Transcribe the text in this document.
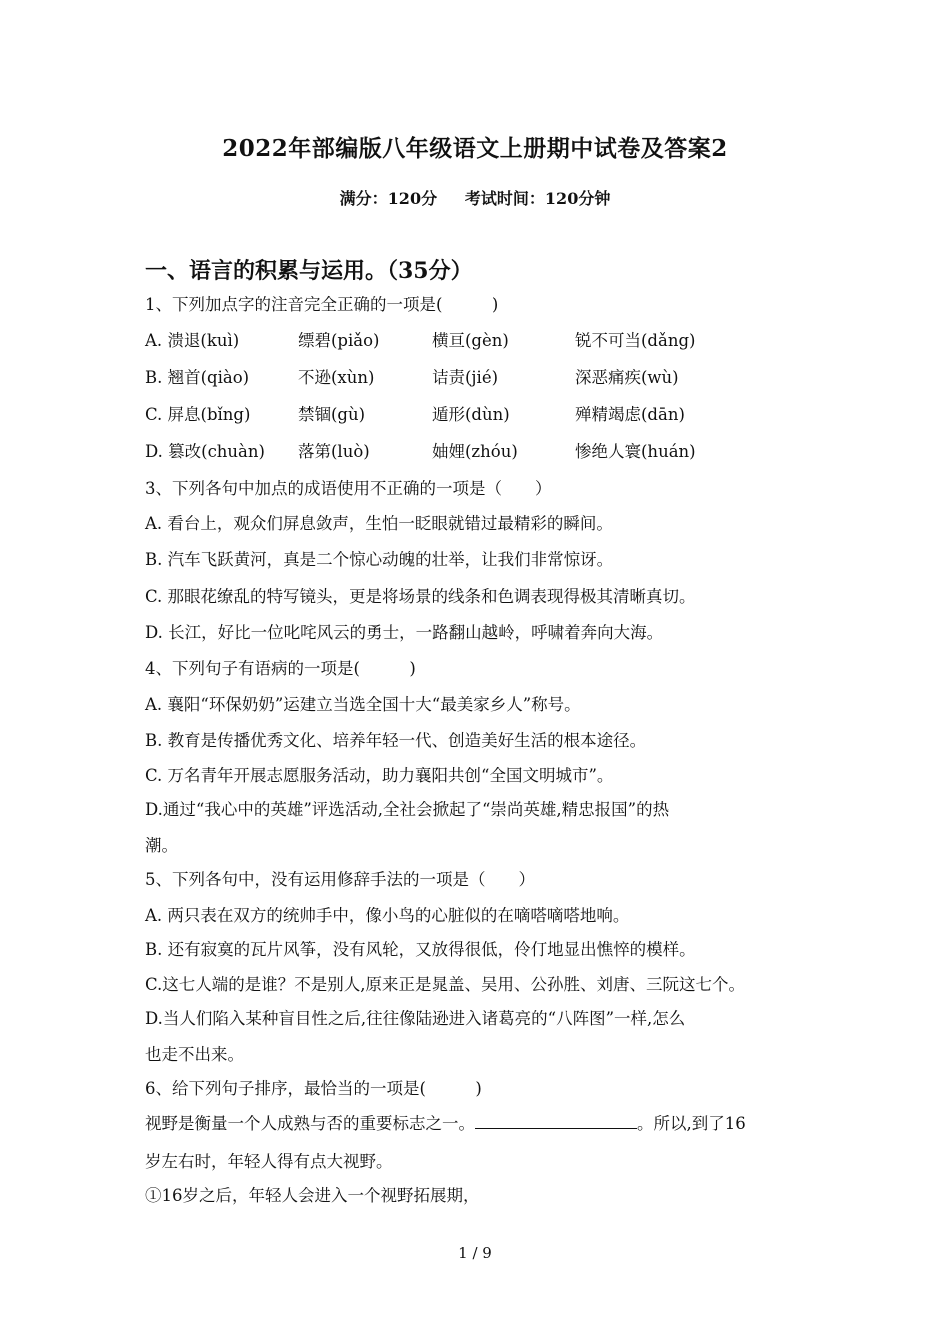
2022年部编版八年级语文上册期中试卷及答案2
满分：120分     考试时间：120分钟
一、语言的积累与运用。（35分）
1、下列加点字的注音完全正确的一项是(　　　)
A. 溃退(kuì)	缥碧(piǎo)	横亘(gèn)	锐不可当(dǎng)
B. 翘首(qiào)	不逊(xùn)	诘责(jié)	深恶痛疾(wù)
C. 屏息(bǐng)	禁锢(gù)	遁形(dùn)	殚精竭虑(dān)
D. 篡改(chuàn) 落第(luò)	妯娌(zhóu)	惨绝人寰(huán)
3、下列各句中加点的成语使用不正确的一项是（　　）
A. 看台上，观众们屏息敛声，生怕一眨眼就错过最精彩的瞬间。
B. 汽车飞跃黄河，真是二个惊心动魄的壮举，让我们非常惊讶。
C. 那眼花缭乱的特写镜头，更是将场景的线条和色调表现得极其清晰真切。
D. 长江，好比一位叱咤风云的勇士，一路翻山越岭，呼啸着奔向大海。
4、下列句子有语病的一项是(　　　)
A. 襄阳“环保奶奶”运建立当选全国十大“最美家乡人”称号。
B. 教育是传播优秀文化、培养年轻一代、创造美好生活的根本途径。
C. 万名青年开展志愿服务活动，助力襄阳共创“全国文明城市”。
D.通过“我心中的英雄”评选活动,全社会掀起了“崇尚英雄,精忠报国”的热
潮。
5、下列各句中，没有运用修辞手法的一项是（　　）
A. 两只表在双方的统帅手中，像小鸟的心脏似的在嘀嗒嘀嗒地响。
B. 还有寂寞的瓦片风筝，没有风轮，又放得很低，伶仃地显出憔悴的模样。
C.这七人端的是谁？不是别人,原来正是晁盖、吴用、公孙胜、刘唐、三阮这七个。
D.当人们陷入某种盲目性之后,往往像陆逊进入诸葛亮的“八阵图”一样,怎么
也走不出来。
6、给下列句子排序，最恰当的一项是(　　　)
视野是衡量一个人成熟与否的重要标志之一。	。所以,到了16
岁左右时，年轻人得有点大视野。
①16岁之后，年轻人会进入一个视野拓展期，
1 / 9
